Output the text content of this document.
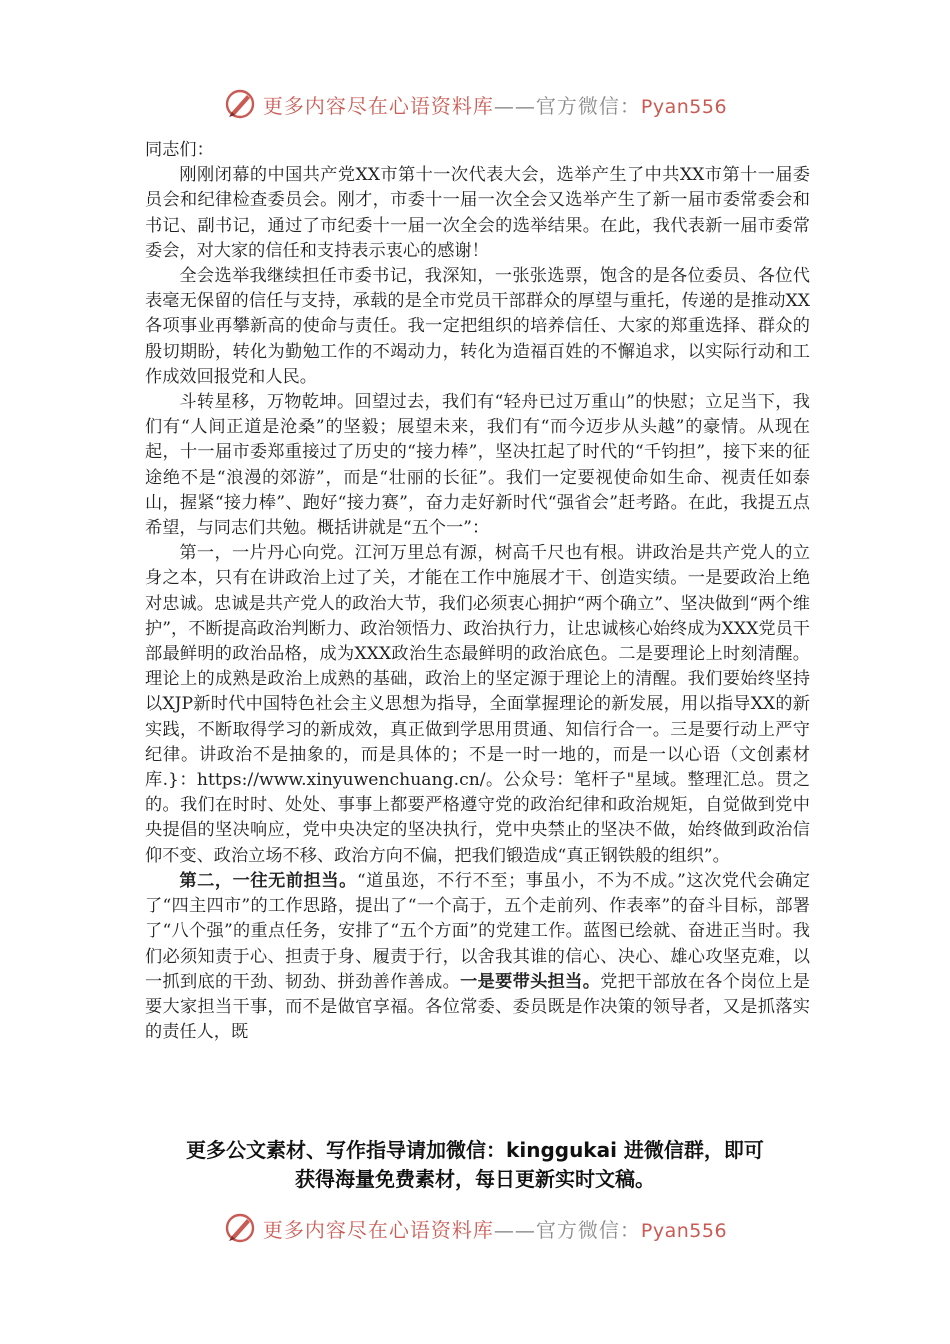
更多内容尽在心语资料库——官方微信：Pyan556

同志们：

刚刚闭幕的中国共产党XX市第十一次代表大会，选举产生了中共XX市第十一届委员会和纪律检查委员会。刚才，市委十一届一次全会又选举产生了新一届市委常委会和书记、副书记，通过了市纪委十一届一次全会的选举结果。在此，我代表新一届市委常委会，对大家的信任和支持表示衷心的感谢！

全会选举我继续担任市委书记，我深知，一张张选票，饱含的是各位委员、各位代表毫无保留的信任与支持，承载的是全市党员干部群众的厚望与重托，传递的是推动XX各项事业再攀新高的使命与责任。我一定把组织的培养信任、大家的郑重选择、群众的殷切期盼，转化为勤勉工作的不竭动力，转化为造福百姓的不懈追求，以实际行动和工作成效回报党和人民。

斗转星移，万物乾坤。回望过去，我们有“轻舟已过万重山”的快慰；立足当下，我们有“人间正道是沧桑”的坚毅；展望未来，我们有“而今迈步从头越”的豪情。从现在起，十一届市委郑重接过了历史的“接力棒”，坚决扛起了时代的“千钧担”，接下来的征途绝不是“浪漫的郊游”，而是“壮丽的长征”。我们一定要视使命如生命、视责任如泰山，握紧“接力棒”、跑好“接力赛”，奋力走好新时代“强省会”赶考路。在此，我提五点希望，与同志们共勉。概括讲就是“五个一”：

第一，一片丹心向党。江河万里总有源，树高千尺也有根。讲政治是共产党人的立身之本，只有在讲政治上过了关，才能在工作中施展才干、创造实绩。一是要政治上绝对忠诚。忠诚是共产党人的政治大节，我们必须衷心拥护“两个确立”、坚决做到“两个维护”，不断提高政治判断力、政治领悟力、政治执行力，让忠诚核心始终成为XXX党员干部最鲜明的政治品格，成为XXX政治生态最鲜明的政治底色。二是要理论上时刻清醒。理论上的成熟是政治上成熟的基础，政治上的坚定源于理论上的清醒。我们要始终坚持以XJP新时代中国特色社会主义思想为指导，全面掌握理论的新发展，用以指导XX的新实践，不断取得学习的新成效，真正做到学思用贯通、知信行合一。三是要行动上严守纪律。讲政治不是抽象的，而是具体的；不是一时一地的，而是一以心语（文创素材库.}：https://www.xinyuwenchuang.cn/。公众号：笔杆子"星域。整理汇总。贯之的。我们在时时、处处、事事上都要严格遵守党的政治纪律和政治规矩，自觉做到党中央提倡的坚决响应，党中央决定的坚决执行，党中央禁止的坚决不做，始终做到政治信仰不变、政治立场不移、政治方向不偏，把我们锻造成“真正钢铁般的组织”。

第二，一往无前担当。“道虽迩，不行不至；事虽小，不为不成。”这次党代会确定了“四主四市”的工作思路，提出了“一个高于，五个走前列、作表率”的奋斗目标，部署了“八个强”的重点任务，安排了“五个方面”的党建工作。蓝图已绘就、奋进正当时。我们必须知责于心、担责于身、履责于行，以舍我其谁的信心、决心、雄心攻坚克难，以一抓到底的干劲、韧劲、拼劲善作善成。一是要带头担当。党把干部放在各个岗位上是要大家担当干事，而不是做官享福。各位常委、委员既是作决策的领导者，又是抓落实的责任人，既

更多公文素材、写作指导请加微信：kinggukai 进微信群，即可
获得海量免费素材，每日更新实时文稿。
更多内容尽在心语资料库——官方微信：Pyan556
